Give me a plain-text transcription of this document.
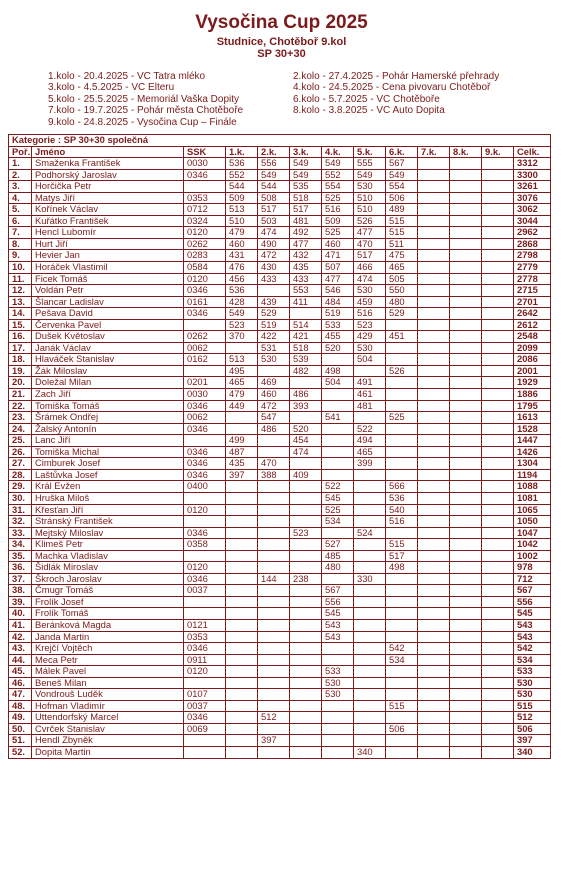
Vysočina Cup 2025
Studnice, Chotěboř 9.kol
SP 30+30
1.kolo - 20.4.2025 - VC Tatra mléko	2.kolo - 27.4.2025 - Pohár Hamerské přehrady
3.kolo - 4.5.2025 - VC Elteru	4.kolo - 24.5.2025 - Cena pivovaru Chotěboř
5.kolo - 25.5.2025 - Memoriál Vaška Dopity	6.kolo - 5.7.2025 - VC Chotěboře
7.kolo - 19.7.2025 - Pohár města Chotěboře	8.kolo - 3.8.2025 - VC Auto Dopita
9.kolo - 24.8.2025 - Vysočina Cup – Finále
Kategorie : SP 30+30 společná												
Poř.	Jméno	SSK	1.k.	2.k.	3.k.	4.k.	5.k.	6.k.	7.k.	8.k.	9.k.	Celk.
1.	Smaženka František	0030	536	556	549	549	555	567				3312
2.	Podhorský Jaroslav	0346	552	549	549	552	549	549				3300
3.	Horčička Petr		544	544	535	554	530	554				3261
4.	Matys Jiří	0353	509	508	518	525	510	506				3076
5.	Kořínek Václav	0712	513	517	517	516	510	489				3062
6.	Kuřátko František	0324	510	503	481	509	526	515				3044
7.	Hencl Lubomír	0120	479	474	492	525	477	515				2962
8.	Hurt Jiří	0262	460	490	477	460	470	511				2868
9.	Hevier Jan	0283	431	472	432	471	517	475				2798
10.	Horáček Vlastimil	0584	476	430	435	507	466	465				2779
11.	Ficek Tomáš	0120	456	433	433	477	474	505				2778
12.	Voldán Petr	0346	536		553	546	530	550				2715
13.	Šlancar Ladislav	0161	428	439	411	484	459	480				2701
14.	Pešava David	0346	549	529		519	516	529				2642
15.	Červenka Pavel		523	519	514	533	523					2612
16.	Dušek Květoslav	0262	370	422	421	455	429	451				2548
17.	Janák Václav	0062		531	518	520	530					2099
18.	Hlaváček Stanislav	0162	513	530	539		504					2086
19.	Žák Miloslav		495		482	498		526				2001
20.	Doležal Milan	0201	465	469		504	491					1929
21.	Zach Jiří	0030	479	460	486		461					1886
22.	Tomiška Tomáš	0346	449	472	393		481					1795
23.	Šrámek Ondřej	0062		547		541		525				1613
24.	Žalský Antonín	0346		486	520		522					1528
25.	Lanc Jiří		499		454		494					1447
26.	Tomiška Michal	0346	487		474		465					1426
27.	Cimburek Josef	0346	435	470			399					1304
28.	Laštůvka Josef	0346	397	388	409							1194
29.	Král Evžen	0400				522		566				1088
30.	Hruška Miloš					545		536				1081
31.	Křesťan Jiří	0120				525		540				1065
32.	Stránský František					534		516				1050
33.	Mejtský Miloslav	0346			523		524					1047
34.	Klimeš Petr	0358				527		515				1042
35.	Machka Vladislav					485		517				1002
36.	Šidlák Miroslav	0120				480		498				978
37.	Škroch Jaroslav	0346		144	238		330					712
38.	Čmugr Tomáš	0037				567						567
39.	Frolík Josef					556						556
40.	Frolík Tomáš					545						545
41.	Beránková Magda	0121				543						543
42.	Janda Martin	0353				543						543
43.	Krejčí Vojtěch	0346						542				542
44.	Meca Petr	0911						534				534
45.	Málek Pavel	0120				533						533
46.	Beneš Milan					530						530
47.	Vondrouš Luděk	0107				530						530
48.	Hofman Vladimír	0037						515				515
49.	Uttendorfský Marcel	0346		512								512
50.	Cvrček Stanislav	0069						506				506
51.	Hendl Zbyněk			397								397
52.	Dopita Martin						340					340
